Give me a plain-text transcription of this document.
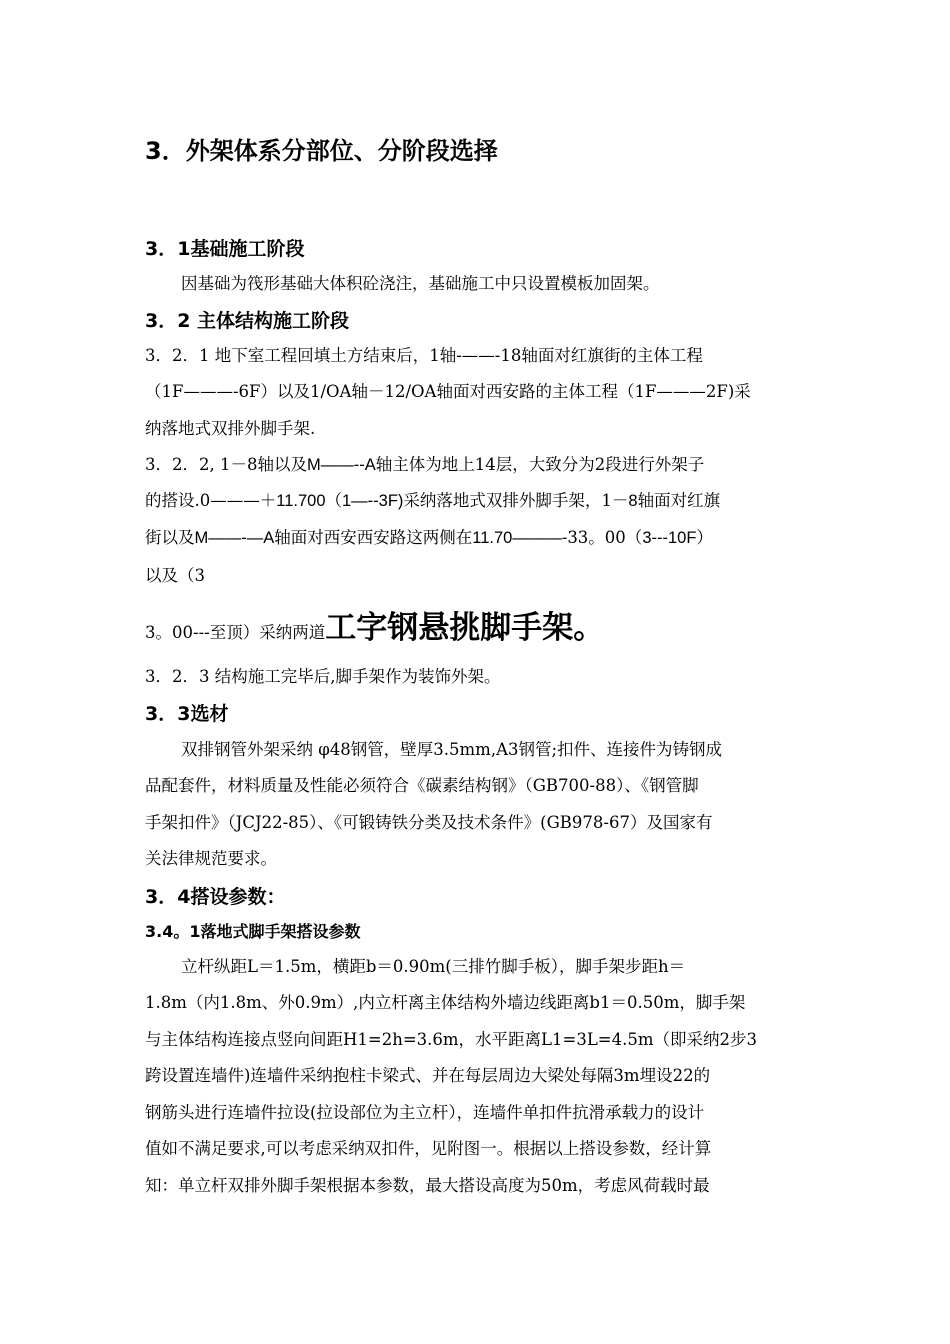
3．外架体系分部位、分阶段选择
3．1基础施工阶段
因基础为筏形基础大体积砼浇注，基础施工中只设置模板加固架。
3．2 主体结构施工阶段
3．2．1 地下室工程回填土方结束后，1轴-——-18轴面对红旗街的主体工程
（1F———-6F）以及1/OA轴－12/OA轴面对西安路的主体工程（1F———2F)采
纳落地式双排外脚手架.
3．2．2, 1－8轴以及M——--A轴主体为地上14层，大致分为2段进行外架子
的搭设.0———＋11.700（1—--3F)采纳落地式双排外脚手架，1－8轴面对红旗
街以及M——-—A轴面对西安西安路这两侧在11.70———-33。00（3---10F）
以及（3
3。00---至顶）采纳两道工字钢悬挑脚手架。
3．2．3 结构施工完毕后,脚手架作为装饰外架。
3．3选材
双排钢管外架采纳 φ48钢管，壁厚3.5mm,A3钢管;扣件、连接件为铸钢成
品配套件，材料质量及性能必须符合《碳素结构钢》（GB700-88）、《钢管脚
手架扣件》（JCJ22-85）、《可锻铸铁分类及技术条件》(GB978-67）及国家有
关法律规范要求。
3．4搭设参数：
3.4。1落地式脚手架搭设参数
立杆纵距L＝1.5m，横距b＝0.90m(三排竹脚手板），脚手架步距h＝
1.8m（内1.8m、外0.9m）,内立杆离主体结构外墙边线距离b1＝0.50m，脚手架
与主体结构连接点竖向间距H1=2h=3.6m，水平距离L1=3L=4.5m（即采纳2步3
跨设置连墙件)连墙件采纳抱柱卡梁式、并在每层周边大梁处每隔3m埋设22的
钢筋头进行连墙件拉设(拉设部位为主立杆），连墙件单扣件抗滑承载力的设计
值如不满足要求,可以考虑采纳双扣件，见附图一。根据以上搭设参数，经计算
知：单立杆双排外脚手架根据本参数，最大搭设高度为50m，考虑风荷载时最
